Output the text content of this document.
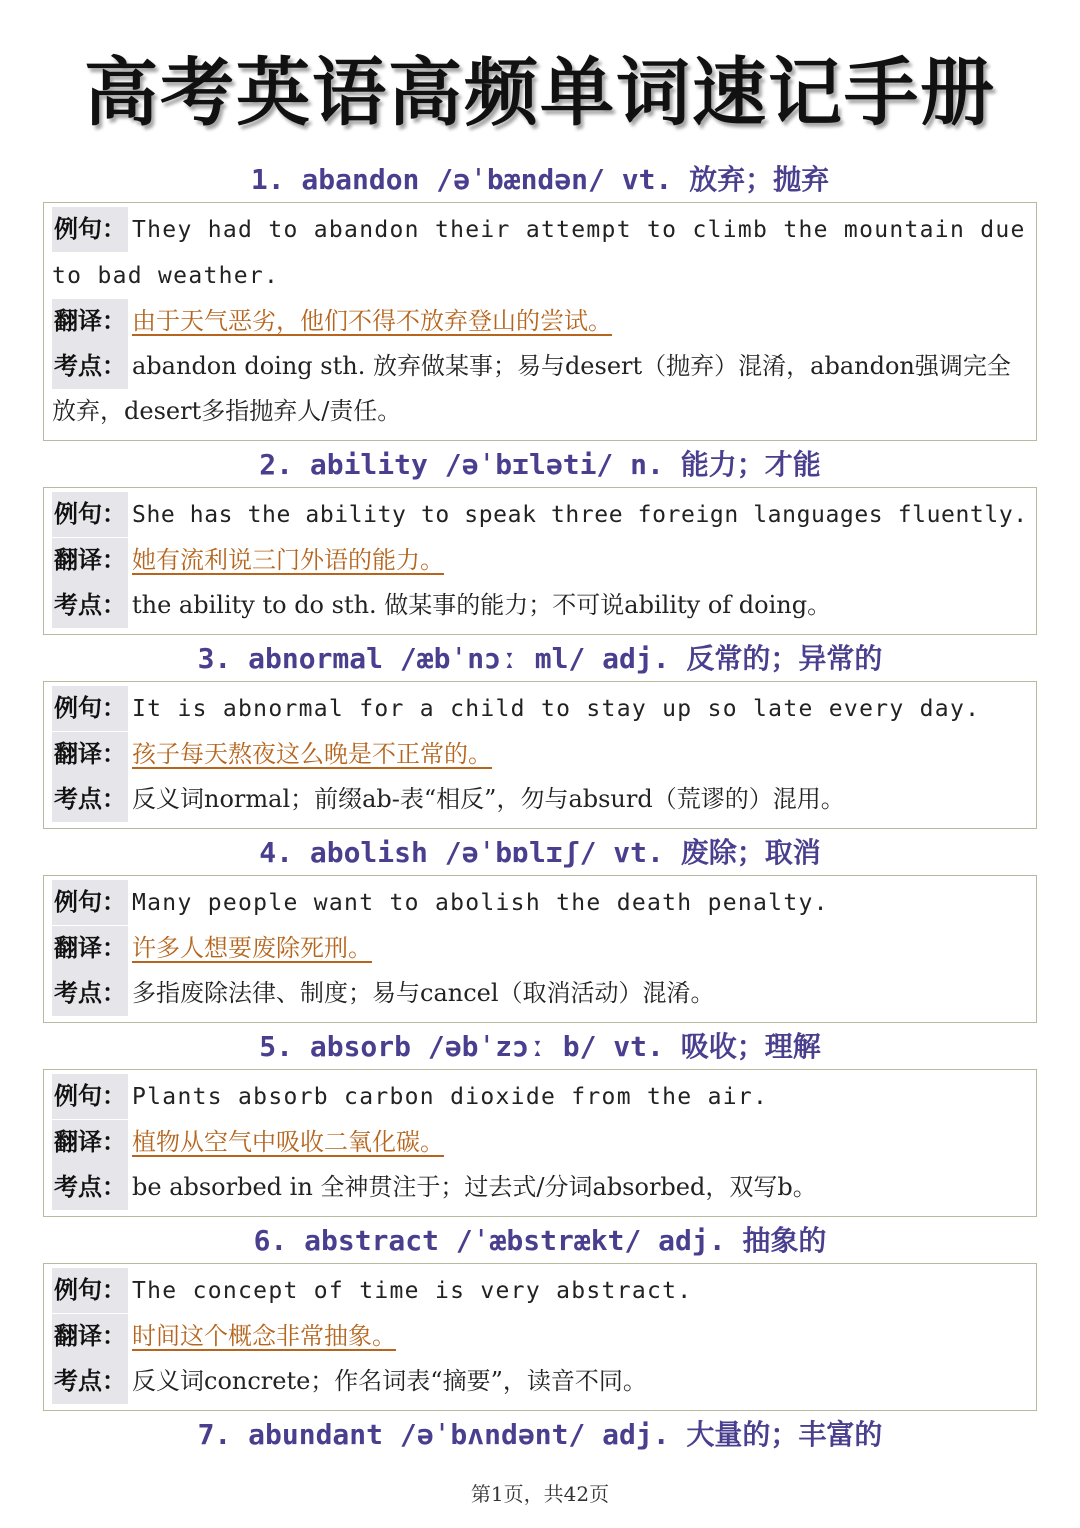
高考英语高频单词速记手册
1. abandon /əˈbændən/ vt. 放弃；抛弃
例句： They had to abandon their attempt to climb the mountain due to bad weather.
翻译： 由于天气恶劣，他们不得不放弃登山的尝试。
考点： abandon doing sth. 放弃做某事；易与desert（抛弃）混淆，abandon强调完全放弃，desert多指抛弃人/责任。
2. ability /əˈbɪləti/ n. 能力；才能
例句： She has the ability to speak three foreign languages fluently.
翻译： 她有流利说三门外语的能力。
考点： the ability to do sth. 做某事的能力；不可说ability of doing。
3. abnormal /æbˈnɔː ml/ adj. 反常的；异常的
例句： It is abnormal for a child to stay up so late every day.
翻译： 孩子每天熬夜这么晚是不正常的。
考点： 反义词normal；前缀ab-表“相反”，勿与absurd（荒谬的）混用。
4. abolish /əˈbɒlɪʃ/ vt. 废除；取消
例句： Many people want to abolish the death penalty.
翻译： 许多人想要废除死刑。
考点： 多指废除法律、制度；易与cancel（取消活动）混淆。
5. absorb /əbˈzɔː b/ vt. 吸收；理解
例句： Plants absorb carbon dioxide from the air.
翻译： 植物从空气中吸收二氧化碳。
考点： be absorbed in 全神贯注于；过去式/分词absorbed，双写b。
6. abstract /ˈæbstrækt/ adj. 抽象的
例句： The concept of time is very abstract.
翻译： 时间这个概念非常抽象。
考点： 反义词concrete；作名词表“摘要”，读音不同。
7. abundant /əˈbʌndənt/ adj. 大量的；丰富的
第1页，共42页
